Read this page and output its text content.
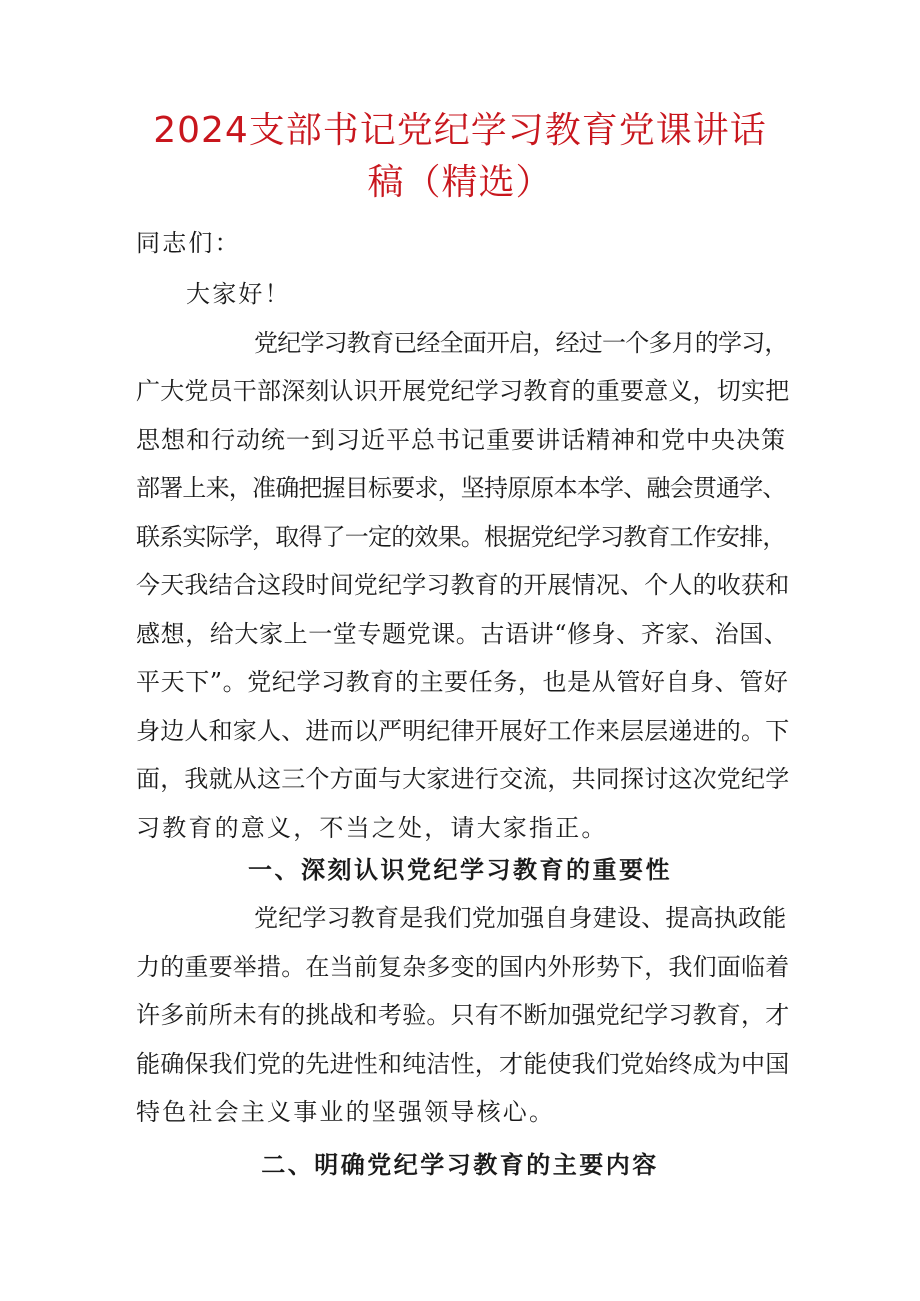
2024支部书记党纪学习教育党课讲话
稿（精选）

同志们：

大家好！

党纪学习教育已经全面开启，经过一个多月的学习，

广大党员干部深刻认识开展党纪学习教育的重要意义，切实把

思想和行动统一到习近平总书记重要讲话精神和党中央决策

部署上来，准确把握目标要求，坚持原原本本学、融会贯通学、

联系实际学，取得了一定的效果。根据党纪学习教育工作安排，

今天我结合这段时间党纪学习教育的开展情况、个人的收获和

感想，给大家上一堂专题党课。古语讲“修身、齐家、治国、

平天下”。党纪学习教育的主要任务，也是从管好自身、管好

身边人和家人、进而以严明纪律开展好工作来层层递进的。下

面，我就从这三个方面与大家进行交流，共同探讨这次党纪学

习教育的意义，不当之处，请大家指正。

一、深刻认识党纪学习教育的重要性

党纪学习教育是我们党加强自身建设、提高执政能

力的重要举措。在当前复杂多变的国内外形势下，我们面临着

许多前所未有的挑战和考验。只有不断加强党纪学习教育，才

能确保我们党的先进性和纯洁性，才能使我们党始终成为中国

特色社会主义事业的坚强领导核心。

二、明确党纪学习教育的主要内容
